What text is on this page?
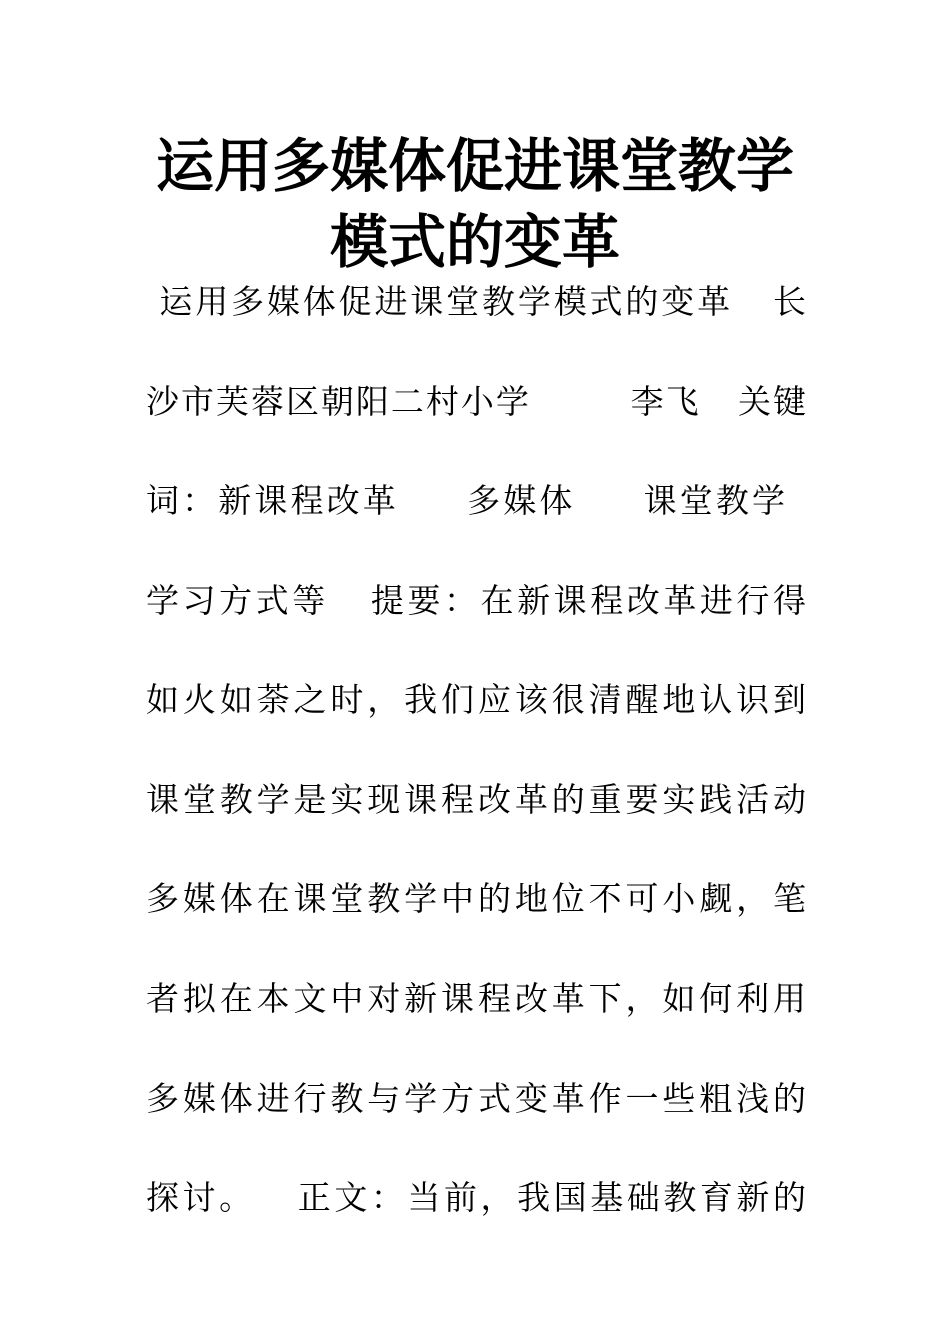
运用多媒体促进课堂教学
模式的变革
运用多媒体促进课堂教学模式的变革   长
沙市芙蓉区朝阳二村小学        李飞   关键
词：新课程改革     多媒体     课堂教学
学习方式等   提要：在新课程改革进行得
如火如荼之时，我们应该很清醒地认识到
课堂教学是实现课程改革的重要实践活动
多媒体在课堂教学中的地位不可小觑，笔
者拟在本文中对新课程改革下，如何利用
多媒体进行教与学方式变革作一些粗浅的
探讨。   正文：当前，我国基础教育新的
